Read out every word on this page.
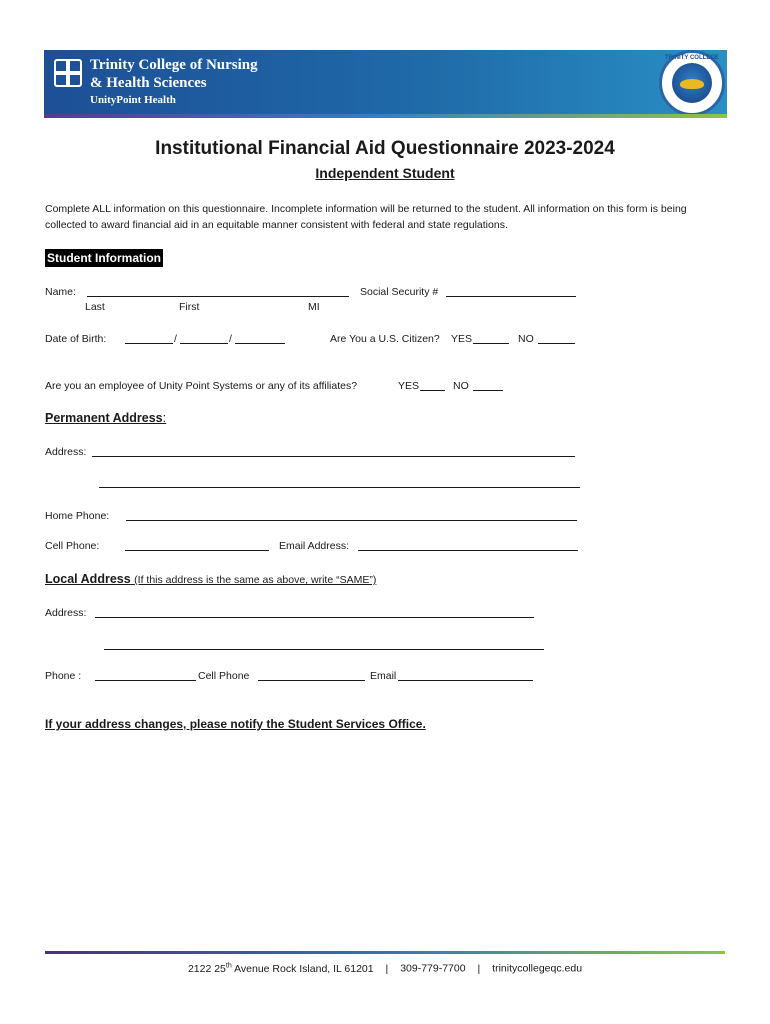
Trinity College of Nursing
& Health Sciences
UnityPoint Health
TRINITY COLLEGE
Institutional Financial Aid Questionnaire 2023-2024
Independent Student
Complete ALL information on this questionnaire. Incomplete information will be returned to the student. All information on this form is being collected to award financial aid in an equitable manner consistent with federal and state regulations.
Student Information
Name:	Social Security #
Last	First	MI
Date of Birth:	/	/	Are You a U.S. Citizen? YES	NO
Are you an employee of Unity Point Systems or any of its affiliates?	YES	NO
Permanent Address:
Address:
Home Phone:
Cell Phone:	Email Address:
Local Address (If this address is the same as above, write “SAME”)
Address:
Phone :	Cell Phone	Email
If your address changes, please notify the Student Services Office.
2122 25th Avenue Rock Island, IL 61201 | 309-779-7700 | trinitycollegeqc.edu
